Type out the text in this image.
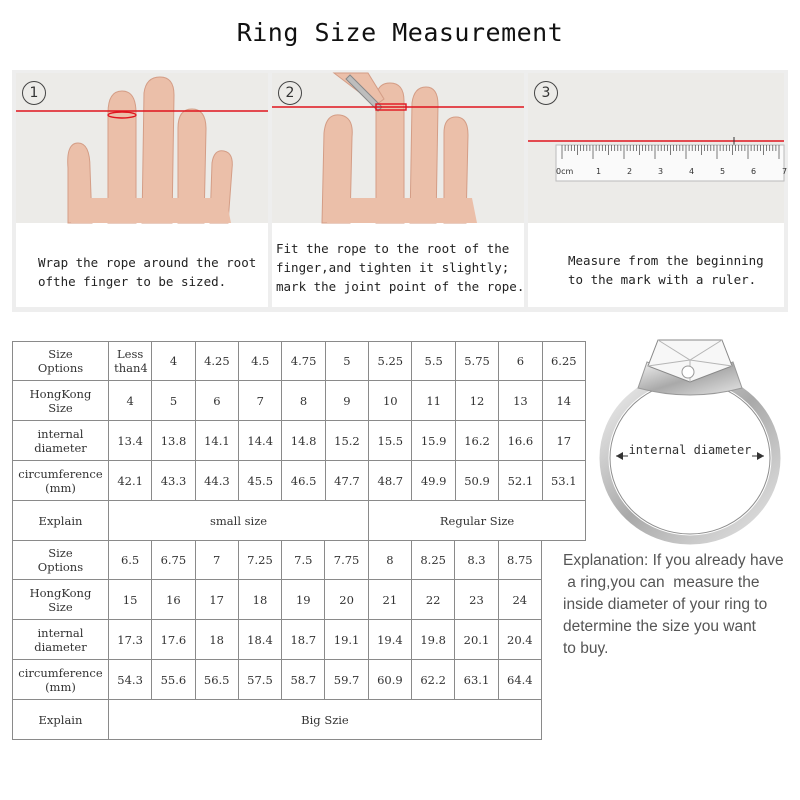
Ring Size Measurement
1
Wrap the rope around the root
ofthe finger to be sized.
2
Fit the rope to the root of the
finger,and tighten it slightly;
mark the joint point of the rope.
0cm	1	2	3	4	5	6	7
3
Measure from the beginning
to the mark with a ruler.
Size
Options	Less than4	4	4.25	4.5	4.75	5	5.25	5.5	5.75	6	6.25
HongKong
Size	4	5	6	7	8	9	10	11	12	13	14
internal
diameter	13.4	13.8	14.1	14.4	14.8	15.2	15.5	15.9	16.2	16.6	17
circumference
(mm)	42.1	43.3	44.3	45.5	46.5	47.7	48.7	49.9	50.9	52.1	53.1
Explain	small size						Regular Size				
Size
Options	6.5	6.75	7	7.25	7.5	7.75	8	8.25	8.3	8.75
HongKong
Size	15	16	17	18	19	20	21	22	23	24
internal
diameter	17.3	17.6	18	18.4	18.7	19.1	19.4	19.8	20.1	20.4
circumference
(mm)	54.3	55.6	56.5	57.5	58.7	59.7	60.9	62.2	63.1	64.4
Explain	Big Szie									
internal diameter
Explanation: If you already have
a ring,you can  measure the
inside diameter of your ring to
determine the size you want
to buy.
